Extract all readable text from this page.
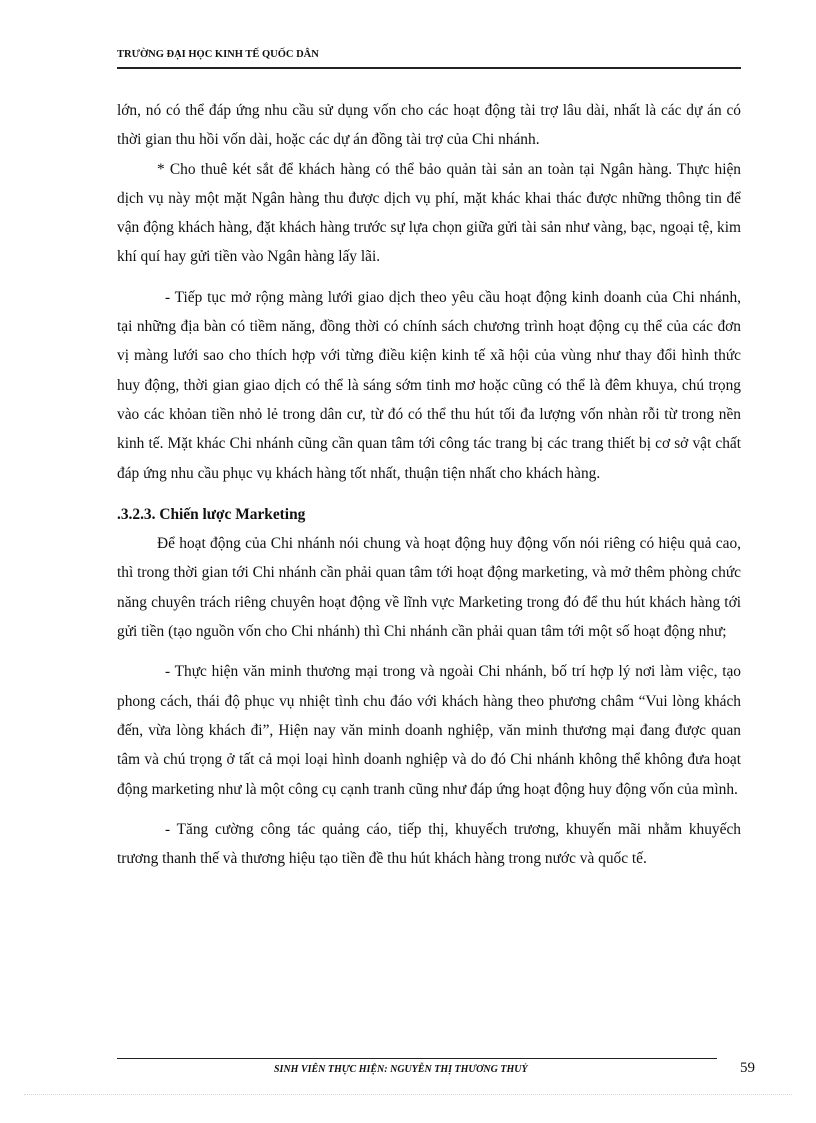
TRƯỜNG ĐẠI HỌC KINH TẾ QUỐC DÂN

lớn, nó có thể đáp ứng nhu cầu sử dụng vốn cho các hoạt động tài trợ lâu dài, nhất là các dự án có thời gian thu hồi vốn dài, hoặc các dự án đồng tài trợ của Chi nhánh.

* Cho thuê két sắt để khách hàng có thể bảo quản tài sản an toàn tại Ngân hàng. Thực hiện dịch vụ này một mặt Ngân hàng thu được dịch vụ phí, mặt khác khai thác được những thông tin để vận động khách hàng, đặt khách hàng trước sự lựa chọn giữa gửi tài sản như vàng, bạc, ngoại tệ, kim khí quí hay gửi tiền vào Ngân hàng lấy lãi.

- Tiếp tục mở rộng màng lưới giao dịch theo yêu cầu hoạt động kinh doanh của Chi nhánh, tại những địa bàn có tiềm năng, đồng thời có chính sách chương trình hoạt động cụ thể của các đơn vị màng lưới sao cho thích hợp với từng điều kiện kinh tế xã hội của vùng như thay đổi hình thức huy động, thời gian giao dịch có thể là sáng sớm tinh mơ hoặc cũng có thể là đêm khuya, chú trọng vào các khỏan tiền nhỏ lẻ trong dân cư, từ đó có thể thu hút tối đa lượng vốn nhàn rỗi từ trong nền kinh tế. Mặt khác Chi nhánh cũng cần quan tâm tới công tác trang bị các trang thiết bị cơ sở vật chất đáp ứng nhu cầu phục vụ khách hàng tốt nhất, thuận tiện nhất cho khách hàng.

.3.2.3. Chiến lược Marketing

Để hoạt động của Chi nhánh nói chung và hoạt động huy động vốn nói riêng có hiệu quả cao, thì trong thời gian tới Chi nhánh cần phải quan tâm tới hoạt động marketing, và mở thêm phòng chức năng chuyên trách riêng chuyên hoạt động về lĩnh vực Marketing trong đó để thu hút khách hàng tới gửi tiền (tạo nguồn vốn cho Chi nhánh) thì Chi nhánh cần phải quan tâm tới một số hoạt động như;

- Thực hiện văn minh thương mại trong và ngoài Chi nhánh, bố trí hợp lý nơi làm việc, tạo phong cách, thái độ phục vụ nhiệt tình chu đáo với khách hàng theo phương châm “Vui lòng khách đến, vừa lòng khách đi”, Hiện nay văn minh doanh nghiệp, văn minh thương mại đang được quan tâm và chú trọng ở tất cả mọi loại hình doanh nghiệp và do đó Chi nhánh không thể không đưa hoạt động marketing như là một công cụ cạnh tranh cũng như đáp ứng hoạt động huy động vốn của mình.

- Tăng cường công tác quảng cáo, tiếp thị, khuyếch trương, khuyến mãi nhằm khuyếch trương thanh thế và thương hiệu tạo tiền đề thu hút khách hàng trong nước và quốc tế.

SINH VIÊN THỰC HIỆN: NGUYỄN THỊ THƯƠNG THUỶ	59
